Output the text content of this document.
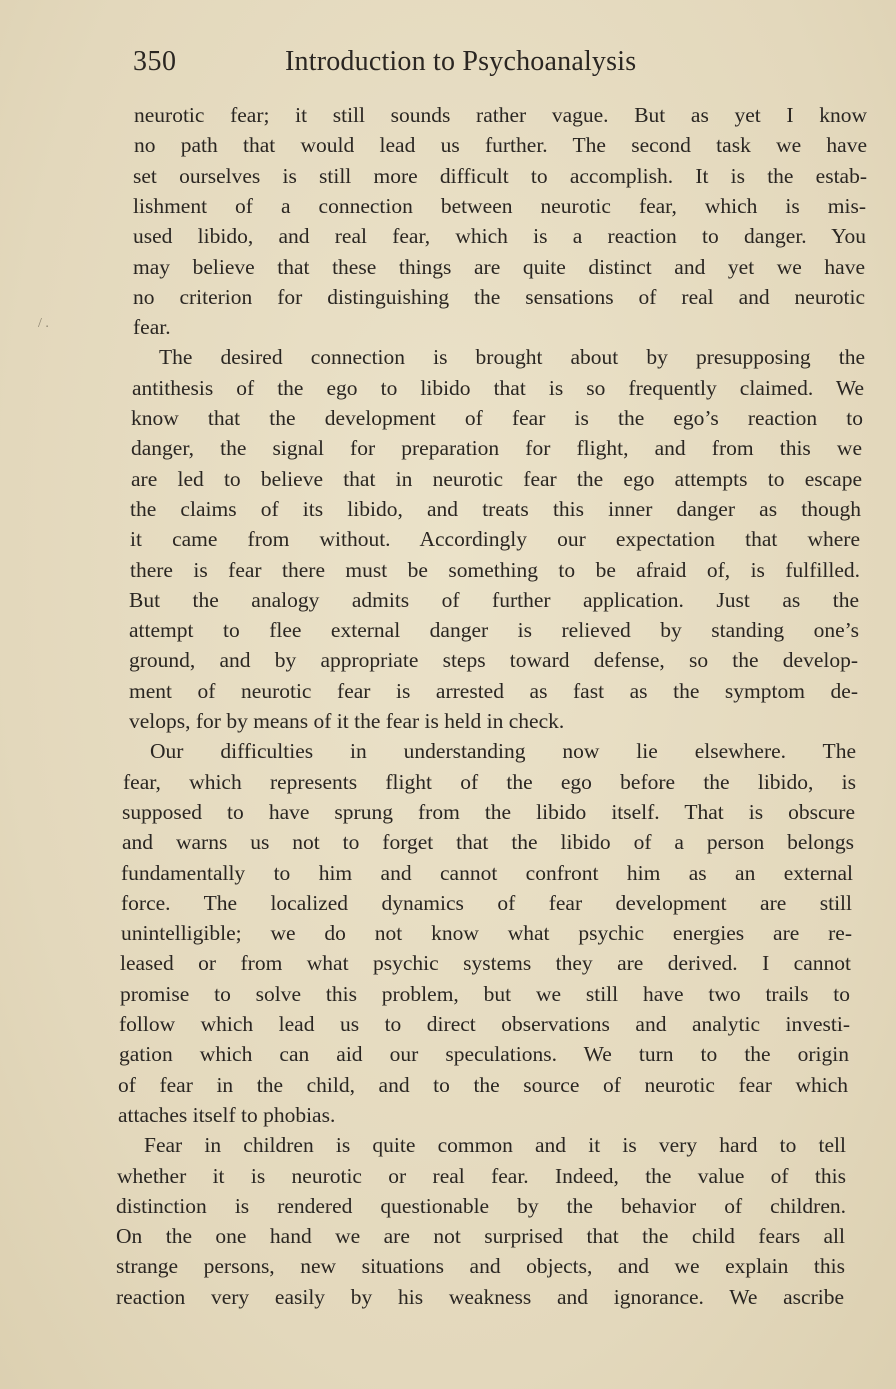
350	Introduction to Psychoanalysis
/ .
neurotic fear; it still sounds rather vague. But as yet I know
no path that would lead us further. The second task we have
set ourselves is still more difficult to accomplish. It is the estab-
lishment of a connection between neurotic fear, which is mis-
used libido, and real fear, which is a reaction to danger. You
may believe that these things are quite distinct and yet we have
no criterion for distinguishing the sensations of real and neurotic
fear.
The desired connection is brought about by presupposing the
antithesis of the ego to libido that is so frequently claimed. We
know that the development of fear is the ego’s reaction to
danger, the signal for preparation for flight, and from this we
are led to believe that in neurotic fear the ego attempts to escape
the claims of its libido, and treats this inner danger as though
it came from without. Accordingly our expectation that where
there is fear there must be something to be afraid of, is fulfilled.
But the analogy admits of further application. Just as the
attempt to flee external danger is relieved by standing one’s
ground, and by appropriate steps toward defense, so the develop-
ment of neurotic fear is arrested as fast as the symptom de-
velops, for by means of it the fear is held in check.
Our difficulties in understanding now lie elsewhere. The
fear, which represents flight of the ego before the libido, is
supposed to have sprung from the libido itself. That is obscure
and warns us not to forget that the libido of a person belongs
fundamentally to him and cannot confront him as an external
force. The localized dynamics of fear development are still
unintelligible; we do not know what psychic energies are re-
leased or from what psychic systems they are derived. I cannot
promise to solve this problem, but we still have two trails to
follow which lead us to direct observations and analytic investi-
gation which can aid our speculations. We turn to the origin
of fear in the child, and to the source of neurotic fear which
attaches itself to phobias.
Fear in children is quite common and it is very hard to tell
whether it is neurotic or real fear. Indeed, the value of this
distinction is rendered questionable by the behavior of children.
On the one hand we are not surprised that the child fears all
strange persons, new situations and objects, and we explain this
reaction very easily by his weakness and ignorance. We ascribe
